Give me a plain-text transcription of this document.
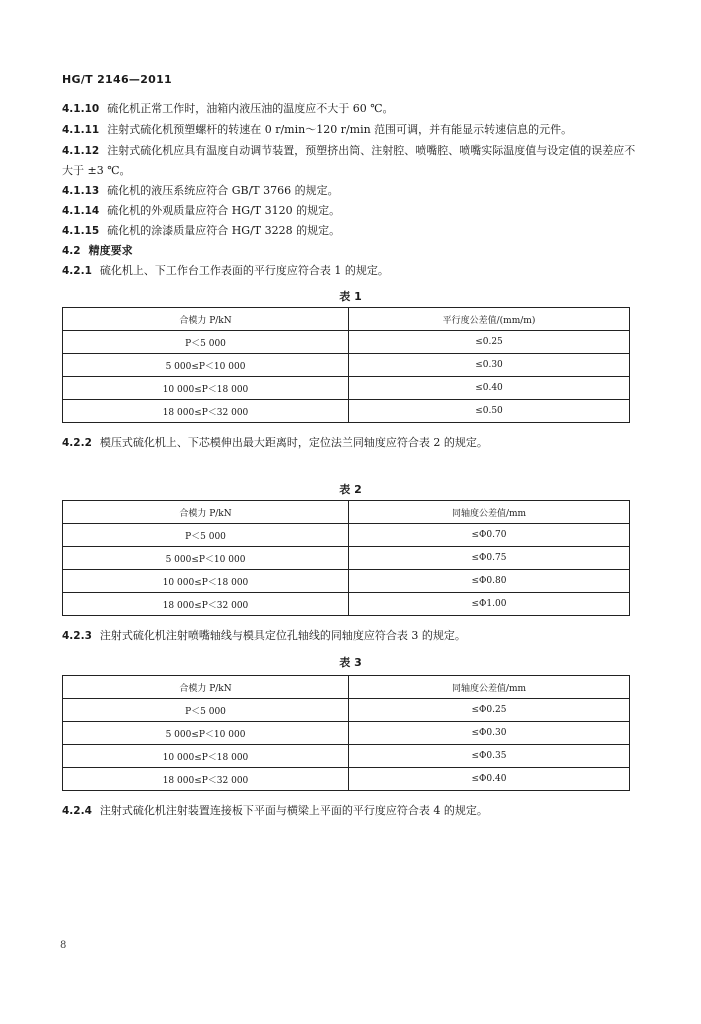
HG/T 2146—2011
4.1.10 硫化机正常工作时，油箱内液压油的温度应不大于 60 ℃。
4.1.11 注射式硫化机预塑螺杆的转速在 0 r/min～120 r/min 范围可调，并有能显示转速信息的元件。
4.1.12 注射式硫化机应具有温度自动调节装置，预塑挤出筒、注射腔、喷嘴腔、喷嘴实际温度值与设定值的误差应不大于 ±3 ℃。
4.1.13 硫化机的液压系统应符合 GB/T 3766 的规定。
4.1.14 硫化机的外观质量应符合 HG/T 3120 的规定。
4.1.15 硫化机的涂漆质量应符合 HG/T 3228 的规定。
4.2 精度要求
4.2.1 硫化机上、下工作台工作表面的平行度应符合表 1 的规定。
表 1
合模力 P/kN	平行度公差值/(mm/m)
P＜5 000	≤0.25
5 000≤P＜10 000	≤0.30
10 000≤P＜18 000	≤0.40
18 000≤P＜32 000	≤0.50
4.2.2 模压式硫化机上、下芯模伸出最大距离时，定位法兰同轴度应符合表 2 的规定。
表 2
合模力 P/kN	同轴度公差值/mm
P＜5 000	≤Φ0.70
5 000≤P＜10 000	≤Φ0.75
10 000≤P＜18 000	≤Φ0.80
18 000≤P＜32 000	≤Φ1.00
4.2.3 注射式硫化机注射喷嘴轴线与模具定位孔轴线的同轴度应符合表 3 的规定。
表 3
合模力 P/kN	同轴度公差值/mm
P＜5 000	≤Φ0.25
5 000≤P＜10 000	≤Φ0.30
10 000≤P＜18 000	≤Φ0.35
18 000≤P＜32 000	≤Φ0.40
4.2.4 注射式硫化机注射装置连接板下平面与横梁上平面的平行度应符合表 4 的规定。
8
